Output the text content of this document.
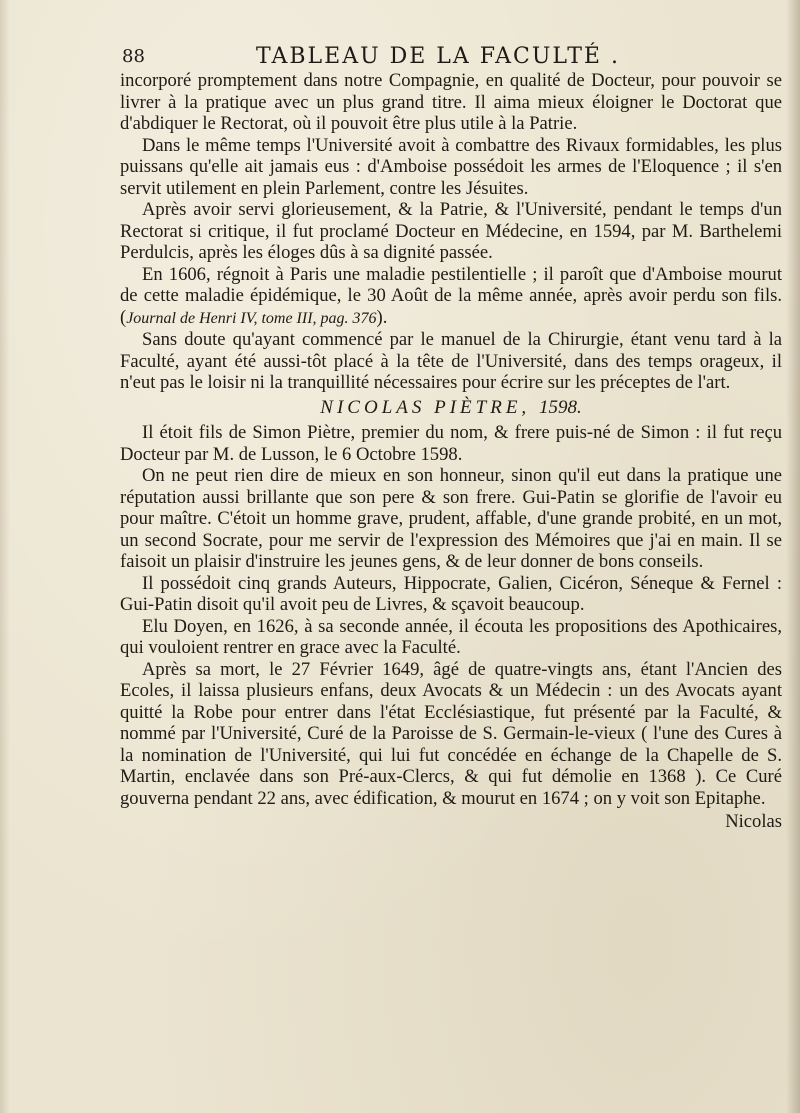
88	TABLEAU DE LA FACULTÉ .

incorporé promptement dans notre Compagnie, en qualité de Docteur, pour pouvoir se livrer à la pratique avec un plus grand titre. Il aima mieux éloigner le Doctorat que d'abdiquer le Rectorat, où il pouvoit être plus utile à la Patrie.

Dans le même temps l'Université avoit à combattre des Rivaux formidables, les plus puissans qu'elle ait jamais eus : d'Amboise possédoit les armes de l'Eloquence ; il s'en servit utilement en plein Parlement, contre les Jésuites.

Après avoir servi glorieusement, & la Patrie, & l'Université, pendant le temps d'un Rectorat si critique, il fut proclamé Docteur en Médecine, en 1594, par M. Barthelemi Perdulcis, après les éloges dûs à sa dignité passée.

En 1606, régnoit à Paris une maladie pestilentielle ; il paroît que d'Amboise mourut de cette maladie épidémique, le 30 Août de la même année, après avoir perdu son fils. (Journal de Henri IV, tome III, pag. 376).

Sans doute qu'ayant commencé par le manuel de la Chirurgie, étant venu tard à la Faculté, ayant été aussi-tôt placé à la tête de l'Université, dans des temps orageux, il n'eut pas le loisir ni la tranquillité nécessaires pour écrire sur les préceptes de l'art.

NICOLAS PIÈTRE, 1598.

Il étoit fils de Simon Piètre, premier du nom, & frere puis-né de Simon : il fut reçu Docteur par M. de Lusson, le 6 Octobre 1598.

On ne peut rien dire de mieux en son honneur, sinon qu'il eut dans la pratique une réputation aussi brillante que son pere & son frere. Gui-Patin se glorifie de l'avoir eu pour maître. C'étoit un homme grave, prudent, affable, d'une grande probité, en un mot, un second Socrate, pour me servir de l'expression des Mémoires que j'ai en main. Il se faisoit un plaisir d'instruire les jeunes gens, & de leur donner de bons conseils.

Il possédoit cinq grands Auteurs, Hippocrate, Galien, Cicéron, Séneque & Fernel : Gui-Patin disoit qu'il avoit peu de Livres, & sçavoit beaucoup.

Elu Doyen, en 1626, à sa seconde année, il écouta les propositions des Apothicaires, qui vouloient rentrer en grace avec la Faculté.

Après sa mort, le 27 Février 1649, âgé de quatre-vingts ans, étant l'Ancien des Ecoles, il laissa plusieurs enfans, deux Avocats & un Médecin : un des Avocats ayant quitté la Robe pour entrer dans l'état Ecclésiastique, fut présenté par la Faculté, & nommé par l'Université, Curé de la Paroisse de S. Germain-le-vieux ( l'une des Cures à la nomination de l'Université, qui lui fut concédée en échange de la Chapelle de S. Martin, enclavée dans son Pré-aux-Clercs, & qui fut démolie en 1368 ). Ce Curé gouverna pendant 22 ans, avec édification, & mourut en 1674 ; on y voit son Epitaphe.

Nicolas
